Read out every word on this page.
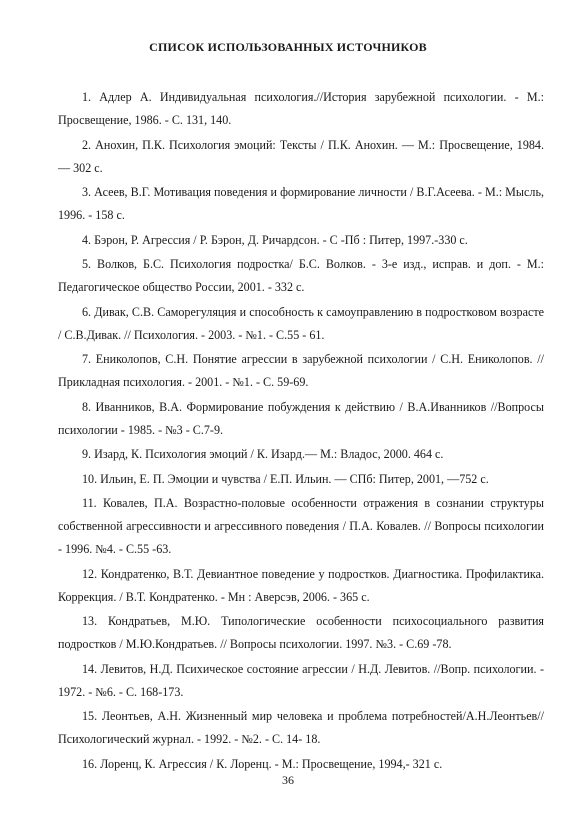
СПИСОК ИСПОЛЬЗОВАННЫХ ИСТОЧНИКОВ

1. Адлер А. Индивидуальная психология.//История зарубежной психологии. - М.: Просвещение, 1986. - С. 131, 140.

2. Анохин, П.К. Психология эмоций: Тексты / П.К. Анохин. — М.: Просвещение, 1984. — 302 с.

3. Асеев, В.Г. Мотивация поведения и формирование личности / В.Г.Асеева. - М.: Мысль, 1996. - 158 с.

4. Бэрон, Р. Агрессия / Р. Бэрон, Д. Ричардсон. - С -Пб : Питер, 1997.-330 с.

5. Волков, Б.С. Психология подростка/ Б.С. Волков. - 3-е изд., исправ. и доп. - М.: Педагогическое общество России, 2001. - 332 с.

6. Дивак, С.В. Саморегуляция и способность к самоуправлению в подростковом возрасте / С.В.Дивак. // Психология. - 2003. - №1. - С.55 - 61.

7. Ениколопов, С.Н. Понятие агрессии в зарубежной психологии / С.Н. Ениколопов. //Прикладная психология. - 2001. - №1. - С. 59-69.

8. Иванников, В.А. Формирование побуждения к действию / В.А.Иванников //Вопросы психологии - 1985. - №3 - С.7-9.

9. Изард, К. Психология эмоций / К. Изард.— М.: Владос, 2000. 464 с.

10. Ильин, Е. П. Эмоции и чувства / Е.П. Ильин. — СПб: Питер, 2001, —752 с.

11. Ковалев, П.А. Возрастно-половые особенности отражения в сознании структуры собственной агрессивности и агрессивного поведения / П.А. Ковалев. // Вопросы психологии - 1996. №4. - С.55 -63.

12. Кондратенко, В.Т. Девиантное поведение у подростков. Диагностика. Профилактика. Коррекция. / В.Т. Кондратенко. - Мн : Аверсэв, 2006. - 365 с.

13. Кондратьев, М.Ю. Типологические особенности психосоциального развития подростков / М.Ю.Кондратьев. // Вопросы психологии. 1997. №3. - С.69 -78.

14. Левитов, Н.Д. Психическое состояние агрессии / Н.Д. Левитов. //Вопр. психологии. - 1972. - №6. - С. 168-173.

15. Леонтьев, А.Н. Жизненный мир человека и проблема потребностей/А.Н.Леонтьев//Психологический журнал. - 1992. - №2. - С. 14- 18.

16. Лоренц, К. Агрессия / К. Лоренц. - М.: Просвещение, 1994,- 321 с.

36
